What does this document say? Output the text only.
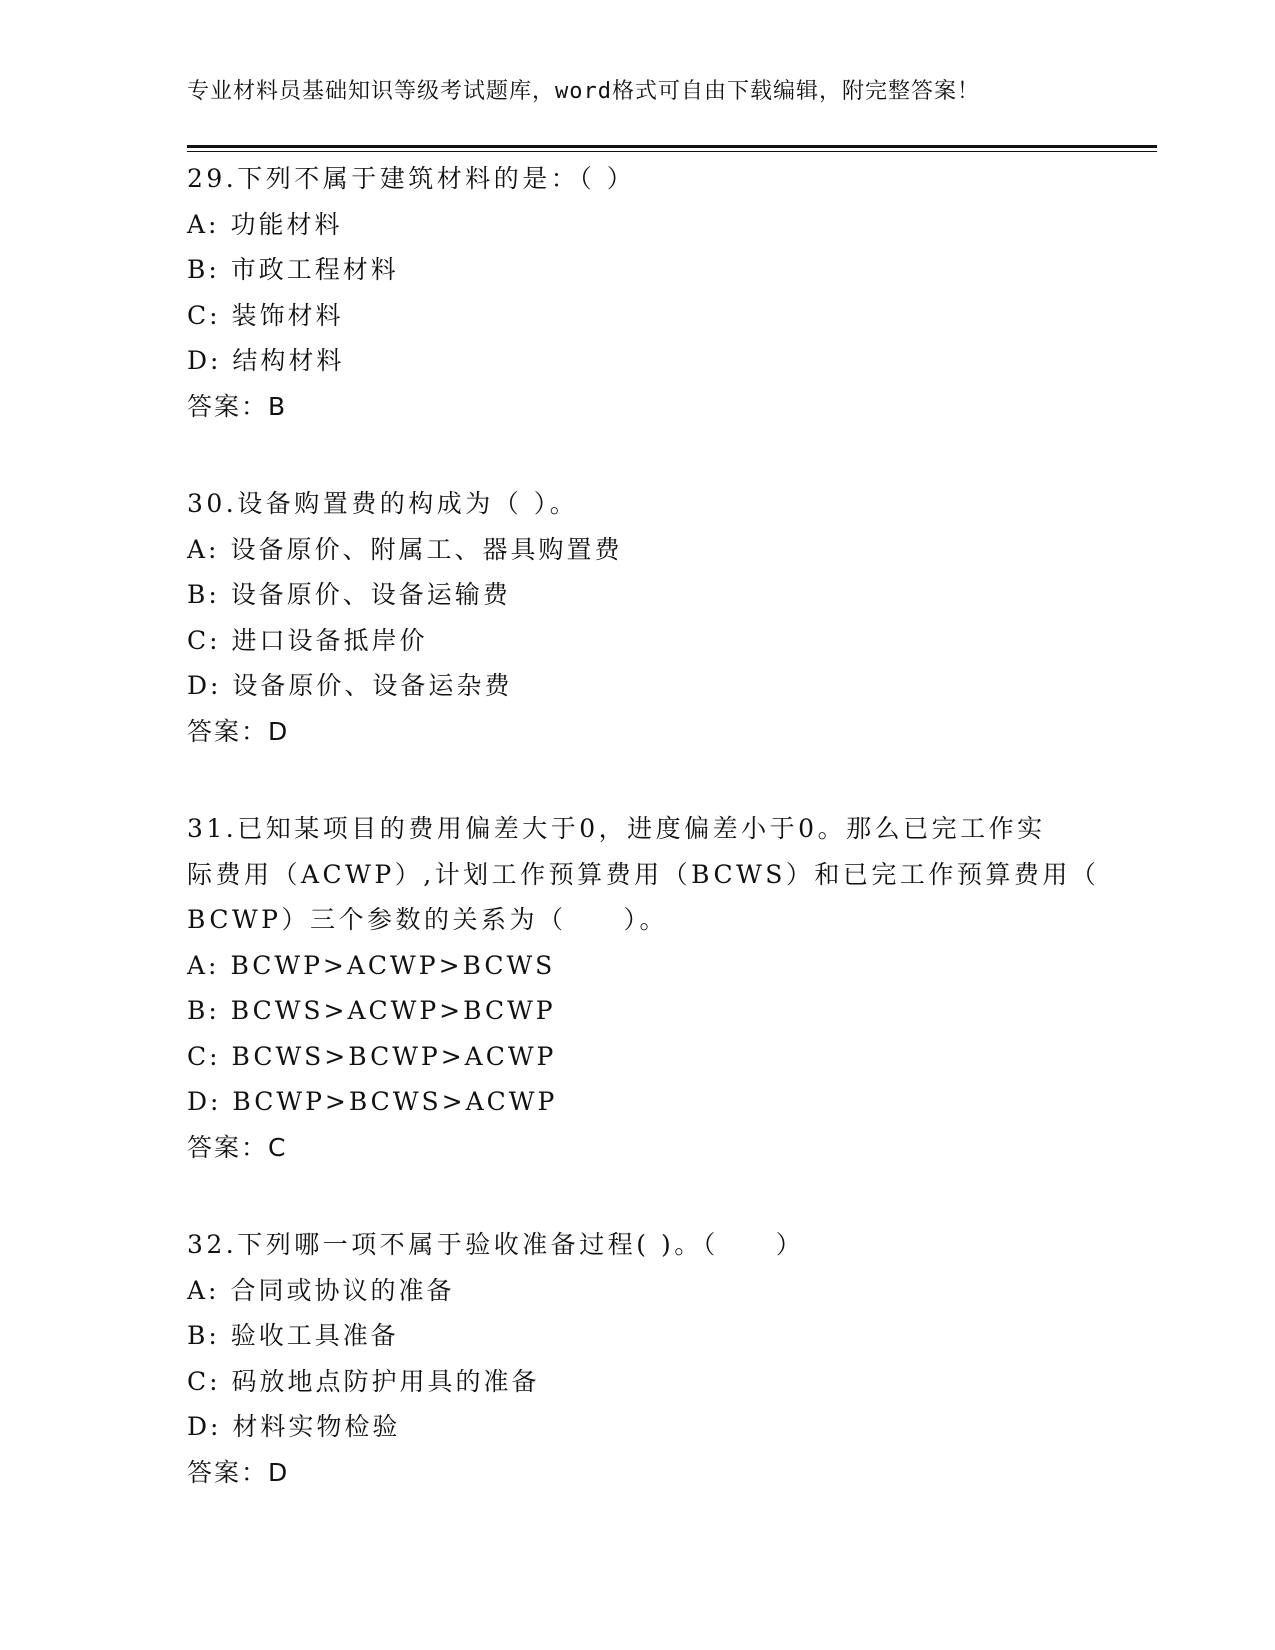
专业材料员基础知识等级考试题库，word格式可自由下载编辑，附完整答案！
29.下列不属于建筑材料的是：（ ）
A: 功能材料
B: 市政工程材料
C: 装饰材料
D: 结构材料
答案：B
30.设备购置费的构成为（ ）。
A: 设备原价、附属工、器具购置费
B: 设备原价、设备运输费
C: 进口设备抵岸价
D: 设备原价、设备运杂费
答案：D
31.已知某项目的费用偏差大于0，进度偏差小于0。那么已完工作实
际费用（ACWP）,计划工作预算费用（BCWS）和已完工作预算费用（
BCWP）三个参数的关系为（　　）。
A: BCWP>ACWP>BCWS
B: BCWS>ACWP>BCWP
C: BCWS>BCWP>ACWP
D: BCWP>BCWS>ACWP
答案：C
32.下列哪一项不属于验收准备过程( )。（　　）
A: 合同或协议的准备
B: 验收工具准备
C: 码放地点防护用具的准备
D: 材料实物检验
答案：D
